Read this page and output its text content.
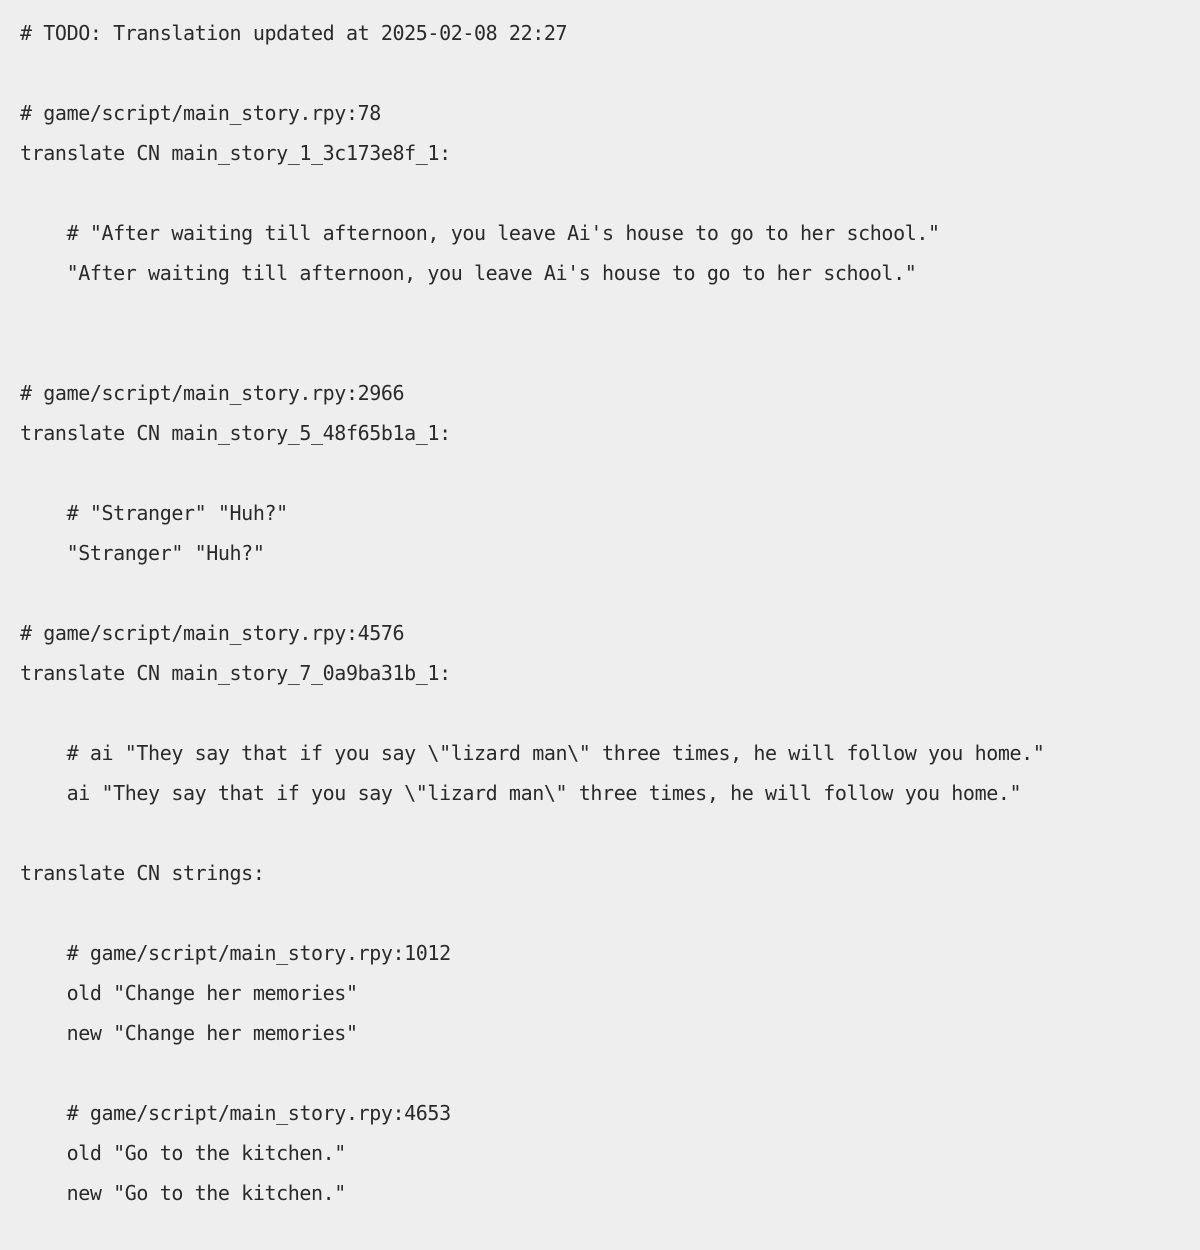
# TODO: Translation updated at 2025-02-08 22:27
# game/script/main_story.rpy:78
translate CN main_story_1_3c173e8f_1:
# "After waiting till afternoon, you leave Ai's house to go to her school."
"After waiting till afternoon, you leave Ai's house to go to her school."
# game/script/main_story.rpy:2966
translate CN main_story_5_48f65b1a_1:
# "Stranger" "Huh?"
"Stranger" "Huh?"
# game/script/main_story.rpy:4576
translate CN main_story_7_0a9ba31b_1:
# ai "They say that if you say \"lizard man\" three times, he will follow you home."
ai "They say that if you say \"lizard man\" three times, he will follow you home."
translate CN strings:
# game/script/main_story.rpy:1012
old "Change her memories"
new "Change her memories"
# game/script/main_story.rpy:4653
old "Go to the kitchen."
new "Go to the kitchen."
